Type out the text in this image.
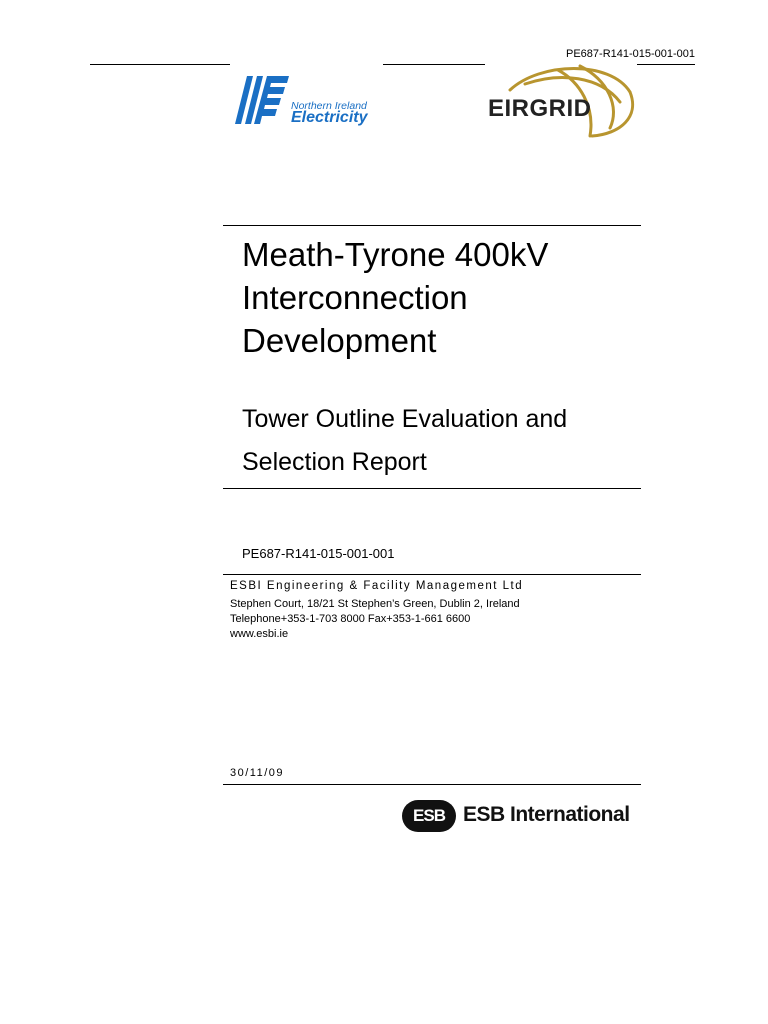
PE687-R141-015-001-001
Northern Ireland
Electricity	EIRGRID
Meath-Tyrone 400kV
Interconnection
Development
Tower Outline Evaluation and
Selection Report
PE687-R141-015-001-001
ESBI Engineering & Facility Management Ltd
Stephen Court, 18/21 St Stephen’s Green, Dublin 2, Ireland
Telephone+353-1-703 8000 Fax+353-1-661 6600
www.esbi.ie
30/11/09
ESB ESB International
